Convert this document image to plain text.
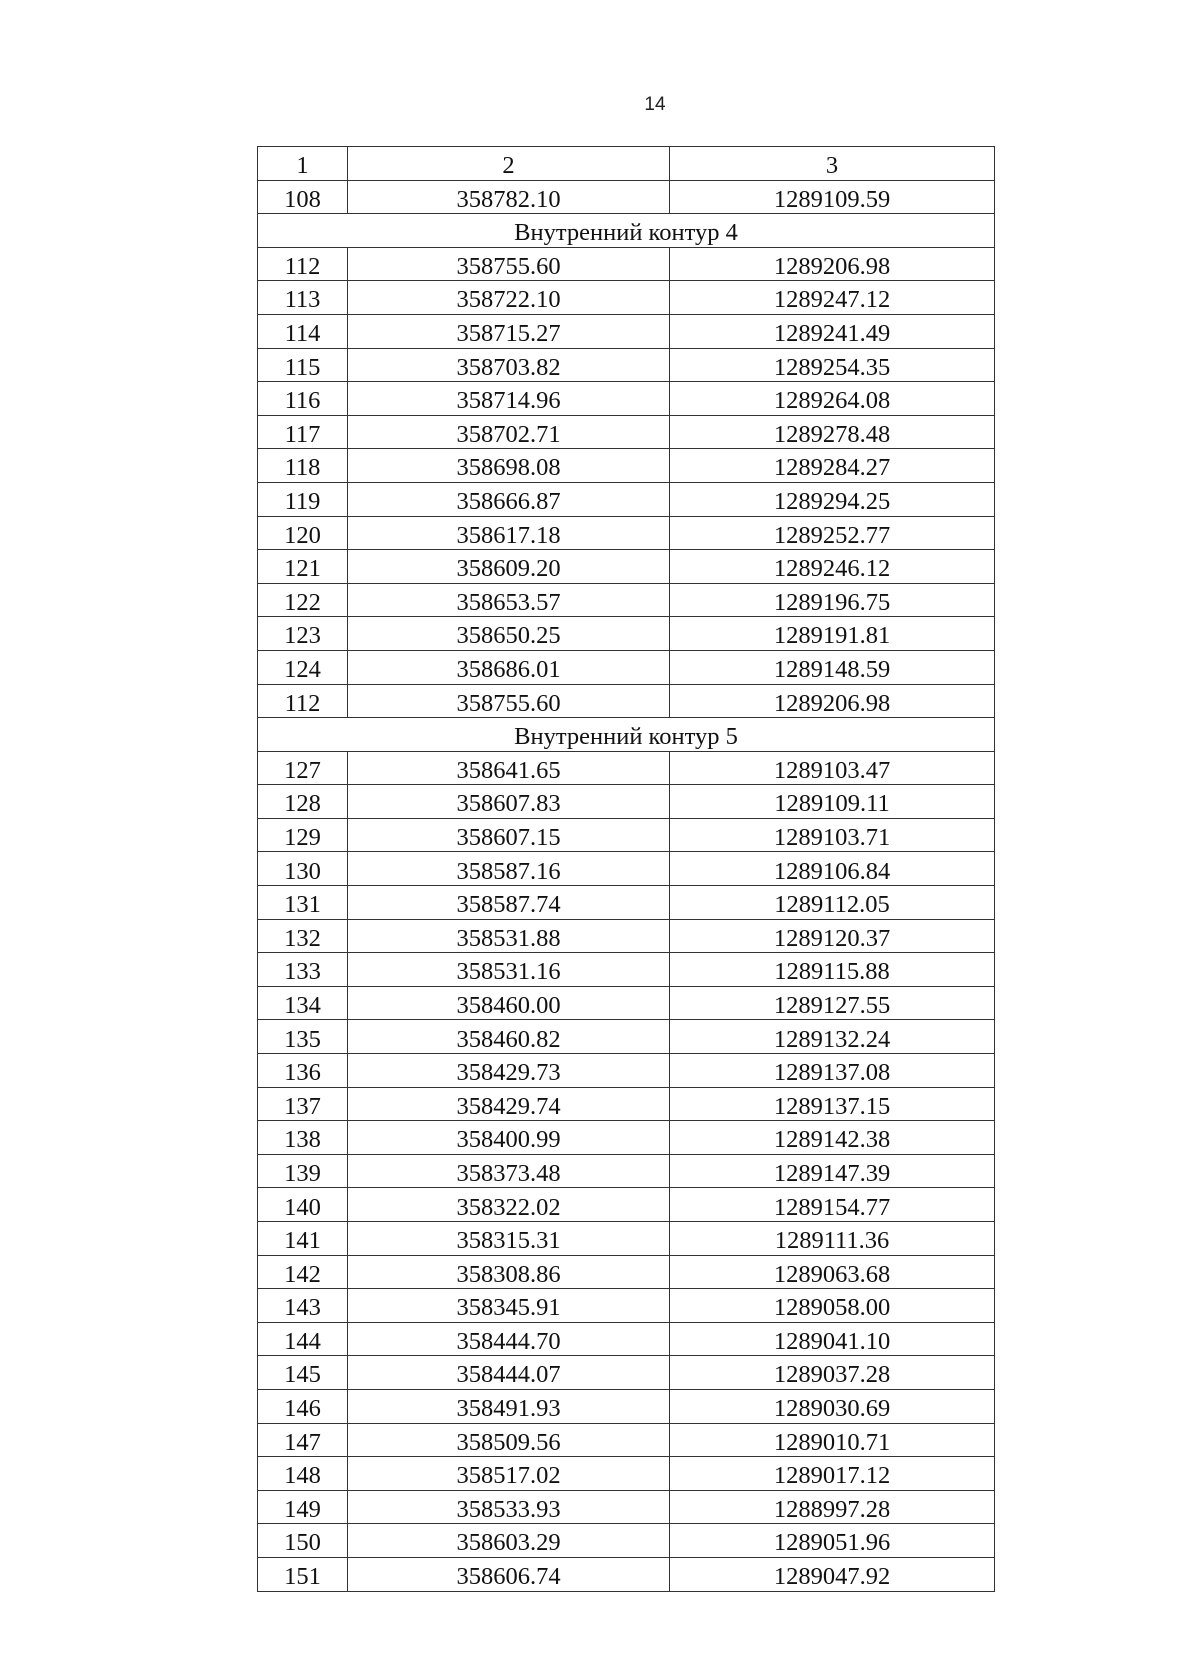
14
1	2	3
108	358782.10	1289109.59
Внутренний контур 4		
112	358755.60	1289206.98
113	358722.10	1289247.12
114	358715.27	1289241.49
115	358703.82	1289254.35
116	358714.96	1289264.08
117	358702.71	1289278.48
118	358698.08	1289284.27
119	358666.87	1289294.25
120	358617.18	1289252.77
121	358609.20	1289246.12
122	358653.57	1289196.75
123	358650.25	1289191.81
124	358686.01	1289148.59
112	358755.60	1289206.98
Внутренний контур 5		
127	358641.65	1289103.47
128	358607.83	1289109.11
129	358607.15	1289103.71
130	358587.16	1289106.84
131	358587.74	1289112.05
132	358531.88	1289120.37
133	358531.16	1289115.88
134	358460.00	1289127.55
135	358460.82	1289132.24
136	358429.73	1289137.08
137	358429.74	1289137.15
138	358400.99	1289142.38
139	358373.48	1289147.39
140	358322.02	1289154.77
141	358315.31	1289111.36
142	358308.86	1289063.68
143	358345.91	1289058.00
144	358444.70	1289041.10
145	358444.07	1289037.28
146	358491.93	1289030.69
147	358509.56	1289010.71
148	358517.02	1289017.12
149	358533.93	1288997.28
150	358603.29	1289051.96
151	358606.74	1289047.92
